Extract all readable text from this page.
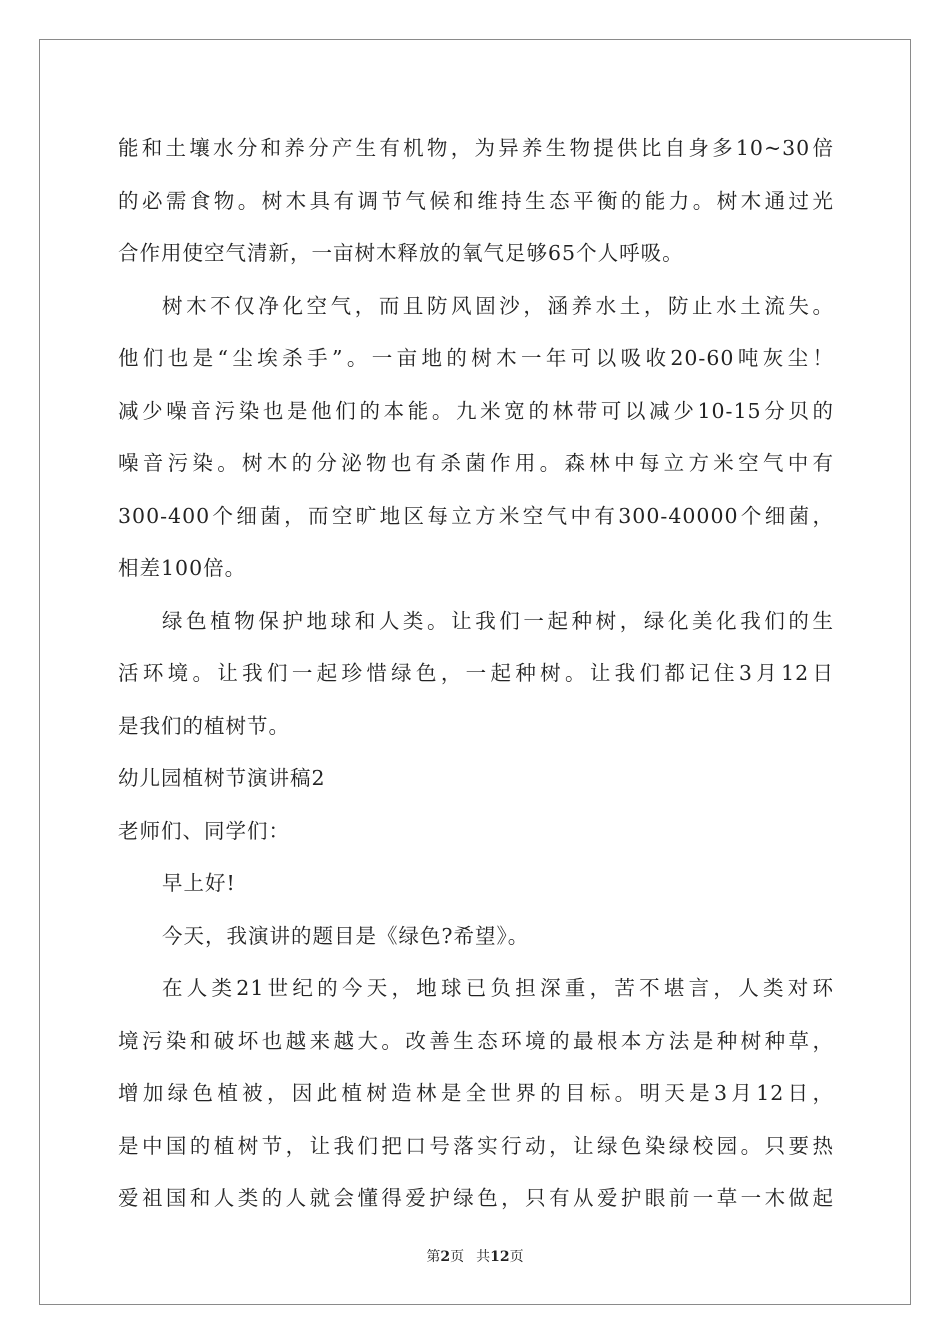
能和土壤水分和养分产生有机物，为异养生物提供比自身多10~30倍
的必需食物。树木具有调节气候和维持生态平衡的能力。树木通过光
合作用使空气清新，一亩树木释放的氧气足够65个人呼吸。
树木不仅净化空气，而且防风固沙，涵养水土，防止水土流失。
他们也是“尘埃杀手”。一亩地的树木一年可以吸收20-60吨灰尘！
减少噪音污染也是他们的本能。九米宽的林带可以减少10-15分贝的
噪音污染。树木的分泌物也有杀菌作用。森林中每立方米空气中有
300-400个细菌，而空旷地区每立方米空气中有300-40000个细菌，
相差100倍。
绿色植物保护地球和人类。让我们一起种树，绿化美化我们的生
活环境。让我们一起珍惜绿色，一起种树。让我们都记住3月12日
是我们的植树节。
幼儿园植树节演讲稿2
老师们、同学们：
早上好!
今天，我演讲的题目是《绿色?希望》。
在人类21世纪的今天，地球已负担深重，苦不堪言，人类对环
境污染和破坏也越来越大。改善生态环境的最根本方法是种树种草，
增加绿色植被，因此植树造林是全世界的目标。明天是3月12日，
是中国的植树节，让我们把口号落实行动，让绿色染绿校园。只要热
爱祖国和人类的人就会懂得爱护绿色，只有从爱护眼前一草一木做起
第2页 共12页
